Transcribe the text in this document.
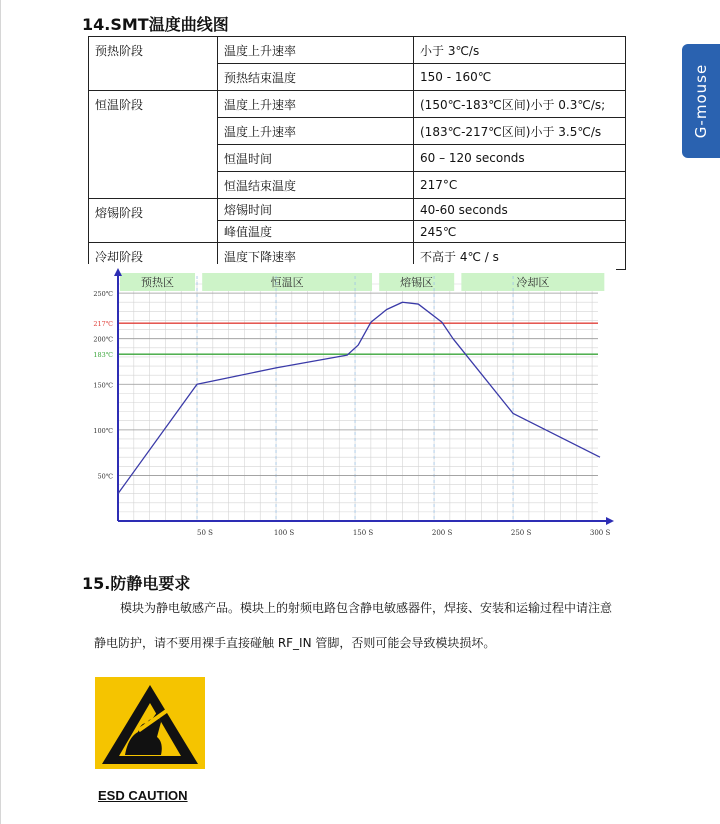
14.SMT温度曲线图
预热阶段	温度上升速率	小于 3℃/s
	预热结束温度	150 - 160℃
恒温阶段	温度上升速率	(150℃-183℃区间)小于 0.3℃/s;
	温度上升速率	(183℃-217℃区间)小于 3.5℃/s
	恒温时间	60 – 120 seconds
	恒温结束温度	217°C
熔锡阶段	熔锡时间	40-60 seconds
	峰值温度	245℃
冷却阶段	温度下降速率	不高于 4℃ / s
G-mouse
预热区	恒温区	熔锡区	冷却区
50℃
100℃
150℃
200℃
250℃
217℃
183℃
50 S	100 S	150 S	200 S	250 S	300 S
15.防静电要求
模块为静电敏感产品。模块上的射频电路包含静电敏感器件，焊接、安装和运输过程中请注意
静电防护，请不要用裸手直接碰触 RF_IN 管脚，否则可能会导致模块损坏。
ESD CAUTION
